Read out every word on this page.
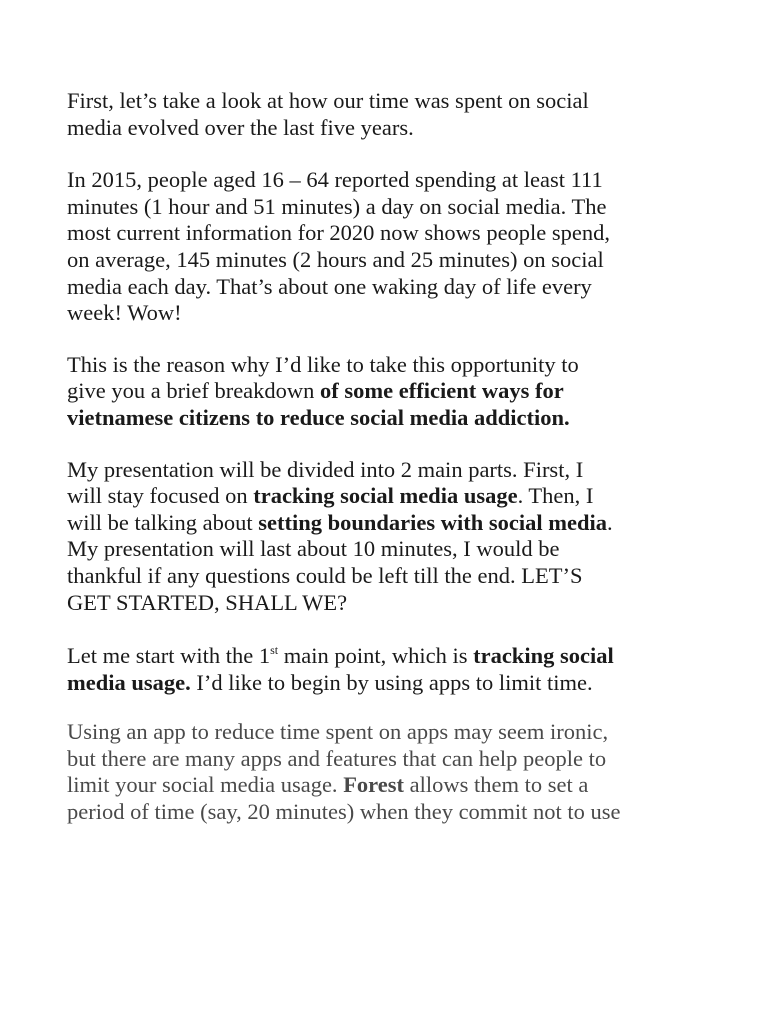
First, let’s take a look at how our time was spent on social
media evolved over the last five years.

In 2015, people aged 16 – 64 reported spending at least 111
minutes (1 hour and 51 minutes) a day on social media. The
most current information for 2020 now shows people spend,
on average, 145 minutes (2 hours and 25 minutes) on social
media each day. That’s about one waking day of life every
week! Wow!

This is the reason why I’d like to take this opportunity to
give you a brief breakdown of some efficient ways for
vietnamese citizens to reduce social media addiction.

My presentation will be divided into 2 main parts. First, I
will stay focused on tracking social media usage. Then, I
will be talking about setting boundaries with social media.
My presentation will last about 10 minutes, I would be
thankful if any questions could be left till the end. LET’S
GET STARTED, SHALL WE?

Let me start with the 1st main point, which is tracking social
media usage. I’d like to begin by using apps to limit time.

Using an app to reduce time spent on apps may seem ironic,
but there are many apps and features that can help people to
limit your social media usage. Forest allows them to set a
period of time (say, 20 minutes) when they commit not to use
